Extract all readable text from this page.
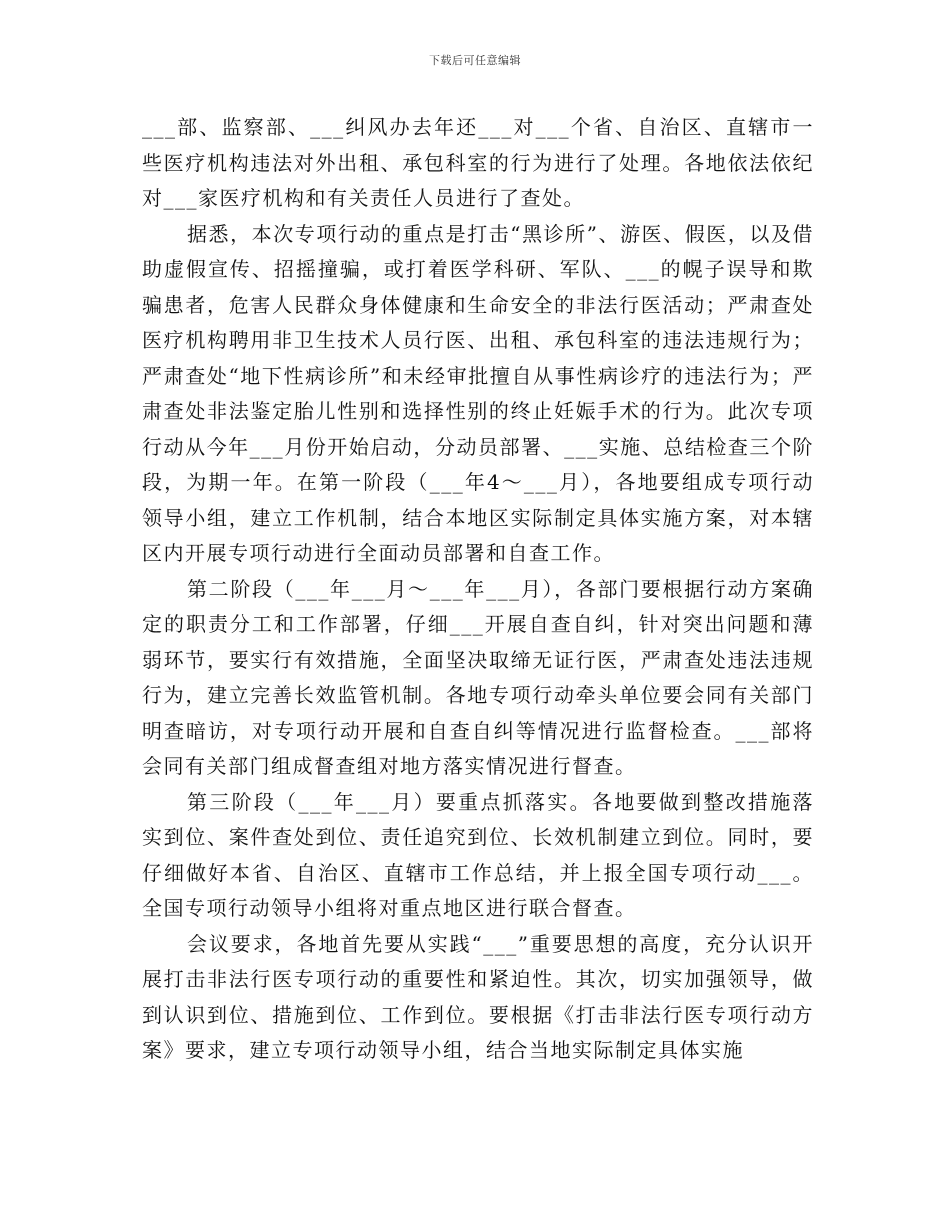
下载后可任意编辑

___部、监察部、___纠风办去年还___对___个省、自治区、直辖市一些医疗机构违法对外出租、承包科室的行为进行了处理。各地依法依纪对___家医疗机构和有关责任人员进行了查处。

据悉，本次专项行动的重点是打击“黑诊所”、游医、假医，以及借助虚假宣传、招摇撞骗，或打着医学科研、军队、___的幌子误导和欺骗患者，危害人民群众身体健康和生命安全的非法行医活动；严肃查处医疗机构聘用非卫生技术人员行医、出租、承包科室的违法违规行为；严肃查处“地下性病诊所”和未经审批擅自从事性病诊疗的违法行为；严肃查处非法鉴定胎儿性别和选择性别的终止妊娠手术的行为。此次专项行动从今年___月份开始启动，分动员部署、___实施、总结检查三个阶段，为期一年。在第一阶段（___年4～___月），各地要组成专项行动领导小组，建立工作机制，结合本地区实际制定具体实施方案，对本辖区内开展专项行动进行全面动员部署和自查工作。

第二阶段（___年___月～___年___月），各部门要根据行动方案确定的职责分工和工作部署，仔细___开展自查自纠，针对突出问题和薄弱环节，要实行有效措施，全面坚决取缔无证行医，严肃查处违法违规行为，建立完善长效监管机制。各地专项行动牵头单位要会同有关部门明查暗访，对专项行动开展和自查自纠等情况进行监督检查。___部将会同有关部门组成督查组对地方落实情况进行督查。

第三阶段（___年___月）要重点抓落实。各地要做到整改措施落实到位、案件查处到位、责任追究到位、长效机制建立到位。同时，要仔细做好本省、自治区、直辖市工作总结，并上报全国专项行动___。全国专项行动领导小组将对重点地区进行联合督查。

会议要求，各地首先要从实践“___”重要思想的高度，充分认识开展打击非法行医专项行动的重要性和紧迫性。其次，切实加强领导，做到认识到位、措施到位、工作到位。要根据《打击非法行医专项行动方案》要求，建立专项行动领导小组，结合当地实际制定具体实施
